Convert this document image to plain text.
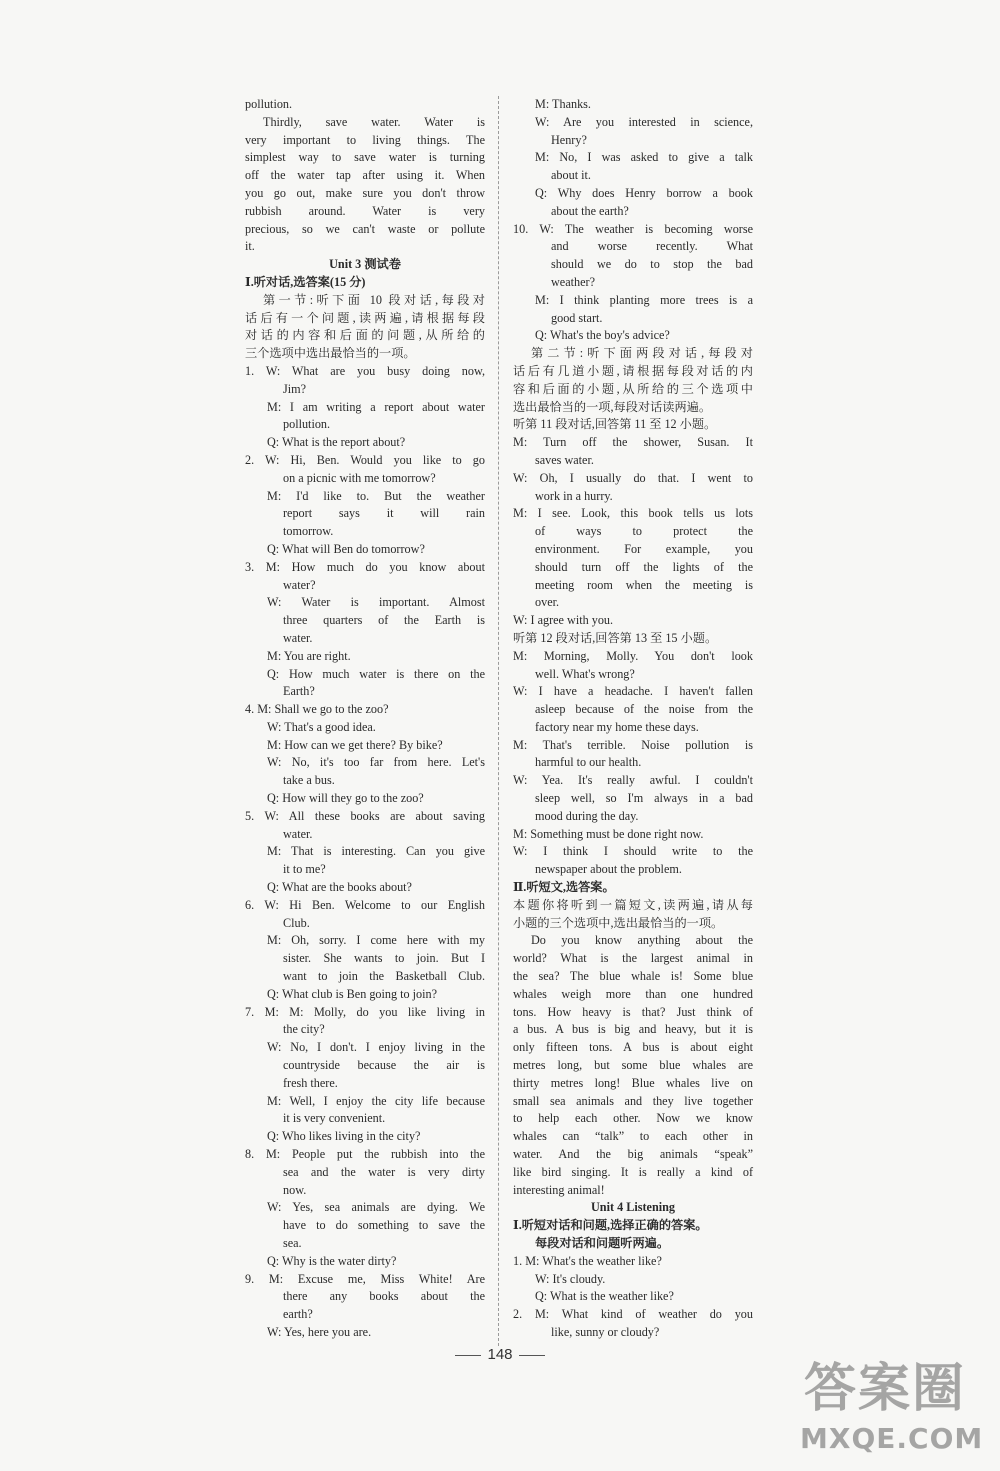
pollution.
Thirdly, save water. Water is
very important to living things. The
simplest way to save water is turning
off the water tap after using it. When
you go out, make sure you don't throw
rubbish around. Water is very
precious, so we can't waste or pollute
it.
Unit 3 测试卷
Ⅰ.听对话,选答案(15 分)
第一节:听下面 10 段对话,每段对
话后有一个问题,读两遍,请根据每段
对话的内容和后面的问题,从所给的
三个选项中选出最恰当的一项。
1. W: What are you busy doing now,
Jim?
M: I am writing a report about water
pollution.
Q: What is the report about?
2. W: Hi, Ben. Would you like to go
on a picnic with me tomorrow?
M: I'd like to. But the weather
report says it will rain
tomorrow.
Q: What will Ben do tomorrow?
3. M: How much do you know about
water?
W: Water is important. Almost
three quarters of the Earth is
water.
M: You are right.
Q: How much water is there on the
Earth?
4. M: Shall we go to the zoo?
W: That's a good idea.
M: How can we get there? By bike?
W: No, it's too far from here. Let's
take a bus.
Q: How will they go to the zoo?
5. W: All these books are about saving
water.
M: That is interesting. Can you give
it to me?
Q: What are the books about?
6. W: Hi Ben. Welcome to our English
Club.
M: Oh, sorry. I come here with my
sister. She wants to join. But I
want to join the Basketball Club.
Q: What club is Ben going to join?
7. M: M: Molly, do you like living in
the city?
W: No, I don't. I enjoy living in the
countryside because the air is
fresh there.
M: Well, I enjoy the city life because
it is very convenient.
Q: Who likes living in the city?
8. M: People put the rubbish into the
sea and the water is very dirty
now.
W: Yes, sea animals are dying. We
have to do something to save the
sea.
Q: Why is the water dirty?
9. M: Excuse me, Miss White! Are
there any books about the
earth?
W: Yes, here you are.
M: Thanks.
W: Are you interested in science,
Henry?
M: No, I was asked to give a talk
about it.
Q: Why does Henry borrow a book
about the earth?
10. W: The weather is becoming worse
and worse recently. What
should we do to stop the bad
weather?
M: I think planting more trees is a
good start.
Q: What's the boy's advice?
第二节:听下面两段对话,每段对
话后有几道小题,请根据每段对话的内
容和后面的小题,从所给的三个选项中
选出最恰当的一项,每段对话读两遍。
听第 11 段对话,回答第 11 至 12 小题。
M: Turn off the shower, Susan. It
saves water.
W: Oh, I usually do that. I went to
work in a hurry.
M: I see. Look, this book tells us lots
of ways to protect the
environment. For example, you
should turn off the lights of the
meeting room when the meeting is
over.
W: I agree with you.
听第 12 段对话,回答第 13 至 15 小题。
M: Morning, Molly. You don't look
well. What's wrong?
W: I have a headache. I haven't fallen
asleep because of the noise from the
factory near my home these days.
M: That's terrible. Noise pollution is
harmful to our health.
W: Yea. It's really awful. I couldn't
sleep well, so I'm always in a bad
mood during the day.
M: Something must be done right now.
W: I think I should write to the
newspaper about the problem.
Ⅱ.听短文,选答案。
本题你将听到一篇短文,读两遍,请从每
小题的三个选项中,选出最恰当的一项。
Do you know anything about the
world? What is the largest animal in
the sea? The blue whale is! Some blue
whales weigh more than one hundred
tons. How heavy is that? Just think of
a bus. A bus is big and heavy, but it is
only fifteen tons. A bus is about eight
metres long, but some blue whales are
thirty metres long! Blue whales live on
small sea animals and they live together
to help each other. Now we know
whales can “talk” to each other in
water. And the big animals “speak”
like bird singing. It is really a kind of
interesting animal!
Unit 4 Listening
Ⅰ.听短对话和问题,选择正确的答案。
每段对话和问题听两遍。
1. M: What's the weather like?
W: It's cloudy.
Q: What is the weather like?
2. M: What kind of weather do you
like, sunny or cloudy?
148
答案圈
MXQE.COM
